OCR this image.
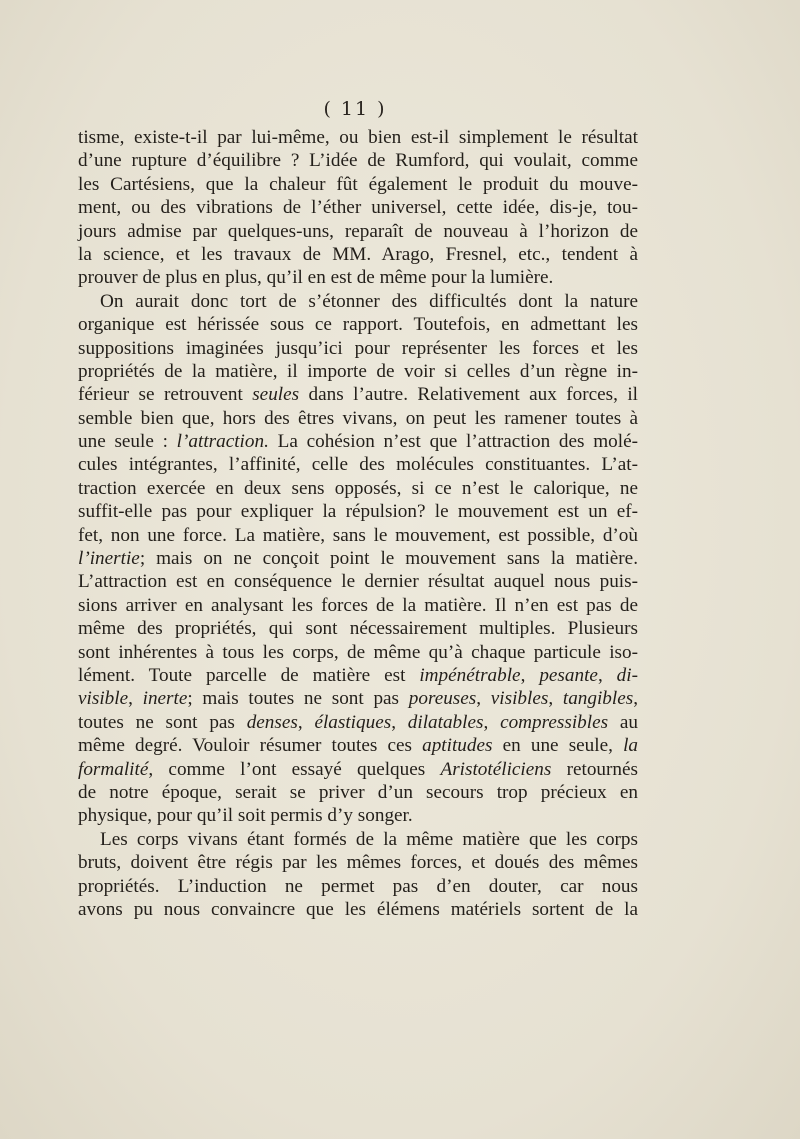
( 11 )
tisme, existe-t-il par lui-même, ou bien est-il simplement le résultat
d’une rupture d’équilibre ? L’idée de Rumford, qui voulait, comme
les Cartésiens, que la chaleur fût également le produit du mouve-
ment, ou des vibrations de l’éther universel, cette idée, dis-je, tou-
jours admise par quelques-uns, reparaît de nouveau à l’horizon de
la science, et les travaux de MM. Arago, Fresnel, etc., tendent à
prouver de plus en plus, qu’il en est de même pour la lumière.
On aurait donc tort de s’étonner des difficultés dont la nature
organique est hérissée sous ce rapport. Toutefois, en admettant les
suppositions imaginées jusqu’ici pour représenter les forces et les
propriétés de la matière, il importe de voir si celles d’un règne in-
férieur se retrouvent seules dans l’autre. Relativement aux forces, il
semble bien que, hors des êtres vivans, on peut les ramener toutes à
une seule : l’attraction. La cohésion n’est que l’attraction des molé-
cules intégrantes, l’affinité, celle des molécules constituantes. L’at-
traction exercée en deux sens opposés, si ce n’est le calorique, ne
suffit-elle pas pour expliquer la répulsion? le mouvement est un ef-
fet, non une force. La matière, sans le mouvement, est possible, d’où
l’inertie; mais on ne conçoit point le mouvement sans la matière.
L’attraction est en conséquence le dernier résultat auquel nous puis-
sions arriver en analysant les forces de la matière. Il n’en est pas de
même des propriétés, qui sont nécessairement multiples. Plusieurs
sont inhérentes à tous les corps, de même qu’à chaque particule iso-
lément. Toute parcelle de matière est impénétrable, pesante, di-
visible, inerte; mais toutes ne sont pas poreuses, visibles, tangibles,
toutes ne sont pas denses, élastiques, dilatables, compressibles au
même degré. Vouloir résumer toutes ces aptitudes en une seule, la
formalité, comme l’ont essayé quelques Aristotéliciens retournés
de notre époque, serait se priver d’un secours trop précieux en
physique, pour qu’il soit permis d’y songer.
Les corps vivans étant formés de la même matière que les corps
bruts, doivent être régis par les mêmes forces, et doués des mêmes
propriétés. L’induction ne permet pas d’en douter, car nous
avons pu nous convaincre que les élémens matériels sortent de la
